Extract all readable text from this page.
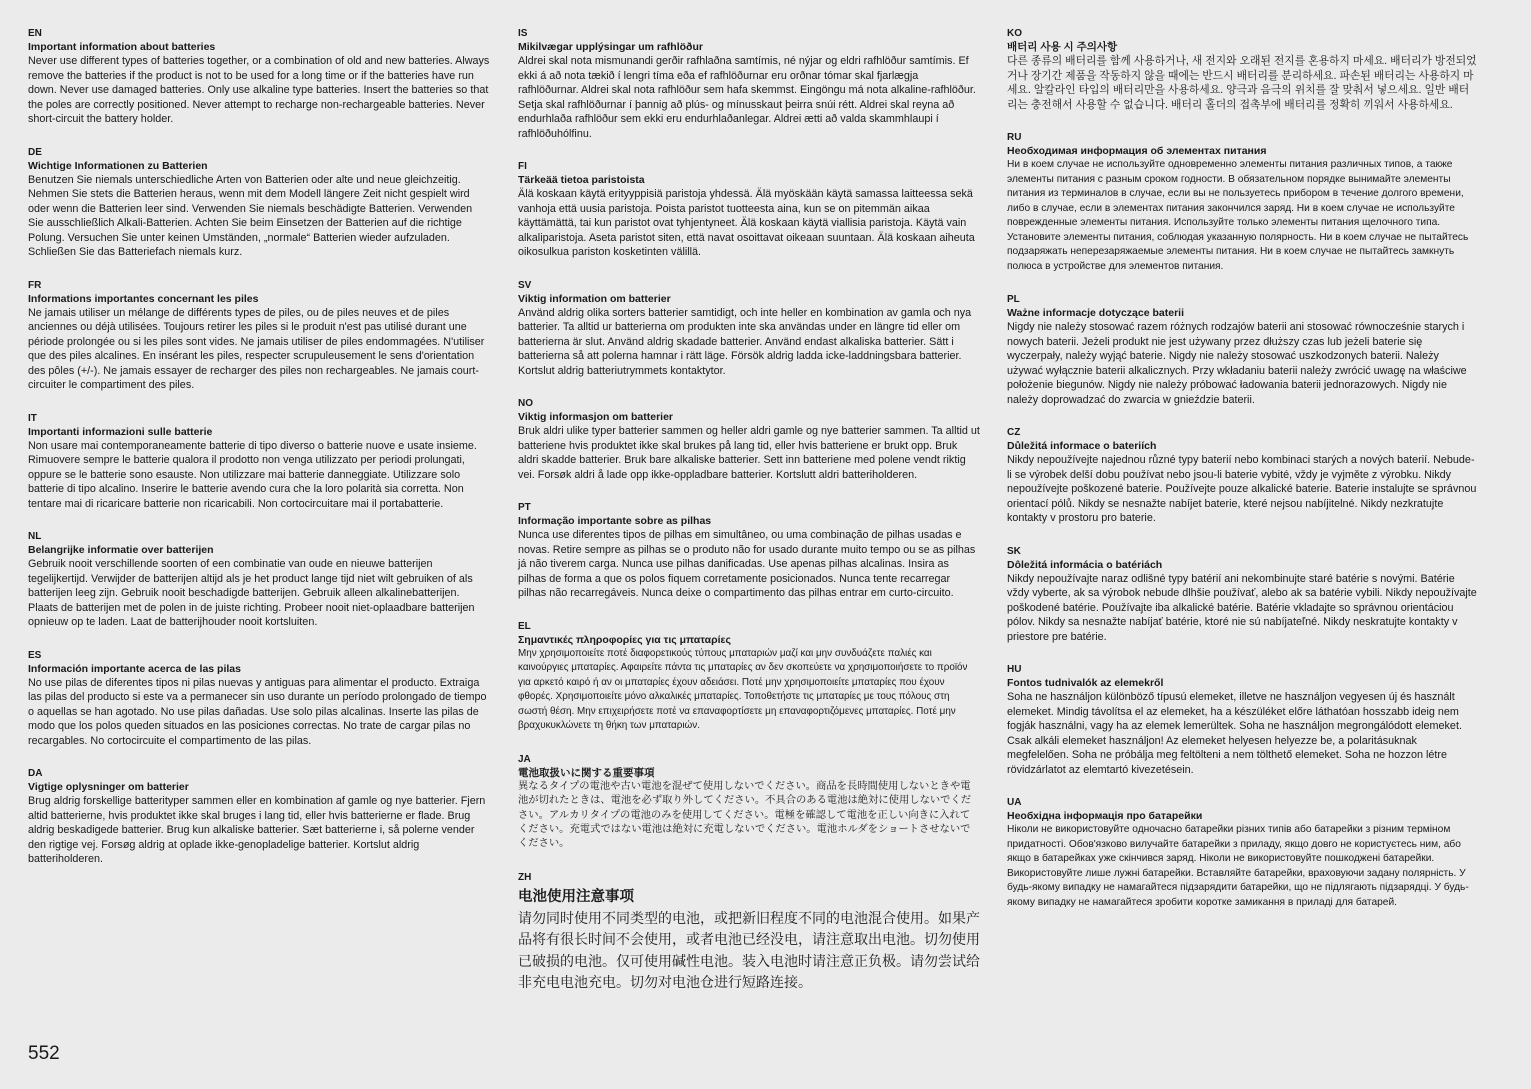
EN

Important information about batteries

Never use different types of batteries together, or a combination of old and new batteries. Always remove the batteries if the product is not to be used for a long time or if the batteries have run down. Never use damaged batteries. Only use alkaline type batteries. Insert the batteries so that the poles are correctly positioned. Never attempt to recharge non-rechargeable batteries. Never short-circuit the battery holder.

DE

Wichtige Informationen zu Batterien

Benutzen Sie niemals unterschiedliche Arten von Batterien oder alte und neue gleichzeitig. Nehmen Sie stets die Batterien heraus, wenn mit dem Modell längere Zeit nicht gespielt wird oder wenn die Batterien leer sind. Verwenden Sie niemals beschädigte Batterien. Verwenden Sie ausschließlich Alkali-Batterien. Achten Sie beim Einsetzen der Batterien auf die richtige Polung. Versuchen Sie unter keinen Umständen, „normale“ Batterien wieder aufzuladen. Schließen Sie das Batteriefach niemals kurz.

FR

Informations importantes concernant les piles

Ne jamais utiliser un mélange de différents types de piles, ou de piles neuves et de piles anciennes ou déjà utilisées. Toujours retirer les piles si le produit n'est pas utilisé durant une période prolongée ou si les piles sont vides. Ne jamais utiliser de piles endommagées. N'utiliser que des piles alcalines. En insérant les piles, respecter scrupuleusement le sens d'orientation des pôles (+/-). Ne jamais essayer de recharger des piles non rechargeables. Ne jamais court-circuiter le compartiment des piles.

IT

Importanti informazioni sulle batterie

Non usare mai contemporaneamente batterie di tipo diverso o batterie nuove e usate insieme. Rimuovere sempre le batterie qualora il prodotto non venga utilizzato per periodi prolungati, oppure se le batterie sono esauste. Non utilizzare mai batterie danneggiate. Utilizzare solo batterie di tipo alcalino. Inserire le batterie avendo cura che la loro polarità sia corretta. Non tentare mai di ricaricare batterie non ricaricabili. Non cortocircuitare mai il portabatterie.

NL

Belangrijke informatie over batterijen

Gebruik nooit verschillende soorten of een combinatie van oude en nieuwe batterijen tegelijkertijd. Verwijder de batterijen altijd als je het product lange tijd niet wilt gebruiken of als batterijen leeg zijn. Gebruik nooit beschadigde batterijen. Gebruik alleen alkalinebatterijen. Plaats de batterijen met de polen in de juiste richting. Probeer nooit niet-oplaadbare batterijen opnieuw op te laden. Laat de batterijhouder nooit kortsluiten.

ES

Información importante acerca de las pilas

No use pilas de diferentes tipos ni pilas nuevas y antiguas para alimentar el producto. Extraiga las pilas del producto si este va a permanecer sin uso durante un período prolongado de tiempo o aquellas se han agotado. No use pilas dañadas. Use solo pilas alcalinas. Inserte las pilas de modo que los polos queden situados en las posiciones correctas. No trate de cargar pilas no recargables. No cortocircuite el compartimento de las pilas.

DA

Vigtige oplysninger om batterier

Brug aldrig forskellige batterityper sammen eller en kombination af gamle og nye batterier. Fjern altid batterierne, hvis produktet ikke skal bruges i lang tid, eller hvis batterierne er flade. Brug aldrig beskadigede batterier. Brug kun alkaliske batterier. Sæt batterierne i, så polerne vender den rigtige vej. Forsøg aldrig at oplade ikke-genopladelige batterier. Kortslut aldrig batteriholderen.

IS

Mikilvægar upplýsingar um rafhlöður

Aldrei skal nota mismunandi gerðir rafhlaðna samtímis, né nýjar og eldri rafhlöður samtímis. Ef ekki á að nota tækið í lengri tíma eða ef rafhlöðurnar eru orðnar tómar skal fjarlægja rafhlöðurnar. Aldrei skal nota rafhlöður sem hafa skemmst. Eingöngu má nota alkaline-rafhlöður. Setja skal rafhlöðurnar í þannig að plús- og mínusskaut þeirra snúi rétt. Aldrei skal reyna að endurhlaða rafhlöður sem ekki eru endurhlaðanlegar. Aldrei ætti að valda skammhlaupi í rafhlöðuhólfinu.

FI

Tärkeää tietoa paristoista

Älä koskaan käytä erityyppisiä paristoja yhdessä. Älä myöskään käytä samassa laitteessa sekä vanhoja että uusia paristoja. Poista paristot tuotteesta aina, kun se on pitemmän aikaa käyttämättä, tai kun paristot ovat tyhjentyneet. Älä koskaan käytä viallisia paristoja. Käytä vain alkaliparistoja. Aseta paristot siten, että navat osoittavat oikeaan suuntaan. Älä koskaan aiheuta oikosulkua pariston kosketinten välillä.

SV

Viktig information om batterier

Använd aldrig olika sorters batterier samtidigt, och inte heller en kombination av gamla och nya batterier. Ta alltid ur batterierna om produkten inte ska användas under en längre tid eller om batterierna är slut. Använd aldrig skadade batterier. Använd endast alkaliska batterier. Sätt i batterierna så att polerna hamnar i rätt läge. Försök aldrig ladda icke-laddningsbara batterier. Kortslut aldrig batteriutrymmets kontaktytor.

NO

Viktig informasjon om batterier

Bruk aldri ulike typer batterier sammen og heller aldri gamle og nye batterier sammen. Ta alltid ut batteriene hvis produktet ikke skal brukes på lang tid, eller hvis batteriene er brukt opp. Bruk aldri skadde batterier. Bruk bare alkaliske batterier. Sett inn batteriene med polene vendt riktig vei. Forsøk aldri å lade opp ikke-oppladbare batterier. Kortslutt aldri batteriholderen.

PT

Informação importante sobre as pilhas

Nunca use diferentes tipos de pilhas em simultâneo, ou uma combinação de pilhas usadas e novas. Retire sempre as pilhas se o produto não for usado durante muito tempo ou se as pilhas já não tiverem carga. Nunca use pilhas danificadas. Use apenas pilhas alcalinas. Insira as pilhas de forma a que os polos fiquem corretamente posicionados. Nunca tente recarregar pilhas não recarregáveis. Nunca deixe o compartimento das pilhas entrar em curto-circuito.

EL

Σημαντικές πληροφορίες για τις μπαταρίες

Μην χρησιμοποιείτε ποτέ διαφορετικούς τύπους μπαταριών μαζί και μην συνδυάζετε παλιές και καινούργιες μπαταρίες. Αφαιρείτε πάντα τις μπαταρίες αν δεν σκοπεύετε να χρησιμοποιήσετε το προϊόν για αρκετό καιρό ή αν οι μπαταρίες έχουν αδειάσει. Ποτέ μην χρησιμοποιείτε μπαταρίες που έχουν φθορές. Χρησιμοποιείτε μόνο αλκαλικές μπαταρίες. Τοποθετήστε τις μπαταρίες με τους πόλους στη σωστή θέση. Μην επιχειρήσετε ποτέ να επαναφορτίσετε μη επαναφορτιζόμενες μπαταρίες. Ποτέ μην βραχυκυκλώνετε τη θήκη των μπαταριών.

JA

電池取扱いに関する重要事項

異なるタイプの電池や古い電池を混ぜて使用しないでください。商品を長時間使用しないときや電池が切れたときは、電池を必ず取り外してください。不具合のある電池は絶対に使用しないでください。アルカリタイプの電池のみを使用してください。電極を確認して電池を正しい向きに入れてください。充電式ではない電池は絶対に充電しないでください。電池ホルダをショートさせないでください。

ZH

电池使用注意事项

请勿同时使用不同类型的电池，或把新旧程度不同的电池混合使用。如果产品将有很长时间不会使用，或者电池已经没电，请注意取出电池。切勿使用已破损的电池。仅可使用碱性电池。装入电池时请注意正负极。请勿尝试给非充电电池充电。切勿对电池仓进行短路连接。

KO

배터리 사용 시 주의사항

다른 종류의 배터리를 함께 사용하거나, 새 전지와 오래된 전지를 혼용하지 마세요. 배터리가 방전되었거나 장기간 제품을 작동하지 않을 때에는 반드시 배터리를 분리하세요. 파손된 배터리는 사용하지 마세요. 알칼라인 타입의 배터리만을 사용하세요. 양극과 음극의 위치를 잘 맞춰서 넣으세요. 일반 배터리는 충전해서 사용할 수 없습니다. 배터리 홀더의 접촉부에 배터리를 정확히 끼워서 사용하세요.

RU

Необходимая информация об элементах питания

Ни в коем случае не используйте одновременно элементы питания различных типов, а также элементы питания с разным сроком годности. В обязательном порядке вынимайте элементы питания из терминалов в случае, если вы не пользуетесь прибором в течение долгого времени, либо в случае, если в элементах питания закончился заряд. Ни в коем случае не используйте поврежденные элементы питания. Используйте только элементы питания щелочного типа. Установите элементы питания, соблюдая указанную полярность. Ни в коем случае не пытайтесь подзаряжать неперезаряжаемые элементы питания. Ни в коем случае не пытайтесь замкнуть полюса в устройстве для элементов питания.

PL

Ważne informacje dotyczące baterii

Nigdy nie należy stosować razem różnych rodzajów baterii ani stosować równocześnie starych i nowych baterii. Jeżeli produkt nie jest używany przez dłuższy czas lub jeżeli baterie się wyczerpały, należy wyjąć baterie. Nigdy nie należy stosować uszkodzonych baterii. Należy używać wyłącznie baterii alkalicznych. Przy wkładaniu baterii należy zwrócić uwagę na właściwe położenie biegunów. Nigdy nie należy próbować ładowania baterii jednorazowych. Nigdy nie należy doprowadzać do zwarcia w gnieździe baterii.

CZ

Důležitá informace o bateriích

Nikdy nepoužívejte najednou různé typy baterií nebo kombinaci starých a nových baterií. Nebude-li se výrobek delší dobu používat nebo jsou-li baterie vybité, vždy je vyjměte z výrobku. Nikdy nepoužívejte poškozené baterie. Používejte pouze alkalické baterie. Baterie instalujte se správnou orientací pólů. Nikdy se nesnažte nabíjet baterie, které nejsou nabíjitelné. Nikdy nezkratujte kontakty v prostoru pro baterie.

SK

Dôležitá informácia o batériách

Nikdy nepoužívajte naraz odlišné typy batérií ani nekombinujte staré batérie s novými. Batérie vždy vyberte, ak sa výrobok nebude dlhšie používať, alebo ak sa batérie vybili. Nikdy nepoužívajte poškodené batérie. Používajte iba alkalické batérie. Batérie vkladajte so správnou orientáciou pólov. Nikdy sa nesnažte nabíjať batérie, ktoré nie sú nabíjateľné. Nikdy neskratujte kontakty v priestore pre batérie.

HU

Fontos tudnivalók az elemekről

Soha ne használjon különböző típusú elemeket, illetve ne használjon vegyesen új és használt elemeket. Mindig távolítsa el az elemeket, ha a készüléket előre láthatóan hosszabb ideig nem fogják használni, vagy ha az elemek lemerültek. Soha ne használjon megrongálódott elemeket. Csak alkáli elemeket használjon! Az elemeket helyesen helyezze be, a polaritásuknak megfelelően. Soha ne próbálja meg feltölteni a nem tölthető elemeket. Soha ne hozzon létre rövidzárlatot az elemtartó kivezetésein.

UA

Необхідна інформація про батарейки

Ніколи не використовуйте одночасно батарейки різних типів або батарейки з різним терміном придатності. Обов'язково вилучайте батарейки з приладу, якщо довго не користуєтесь ним, або якщо в батарейках уже скінчився заряд. Ніколи не використовуйте пошкоджені батарейки. Використовуйте лише лужні батарейки. Вставляйте батарейки, враховуючи задану полярність. У будь-якому випадку не намагайтеся підзарядити батарейки, що не підлягають підзарядці. У будь-якому випадку не намагайтеся зробити коротке замикання в приладі для батарей.

552
